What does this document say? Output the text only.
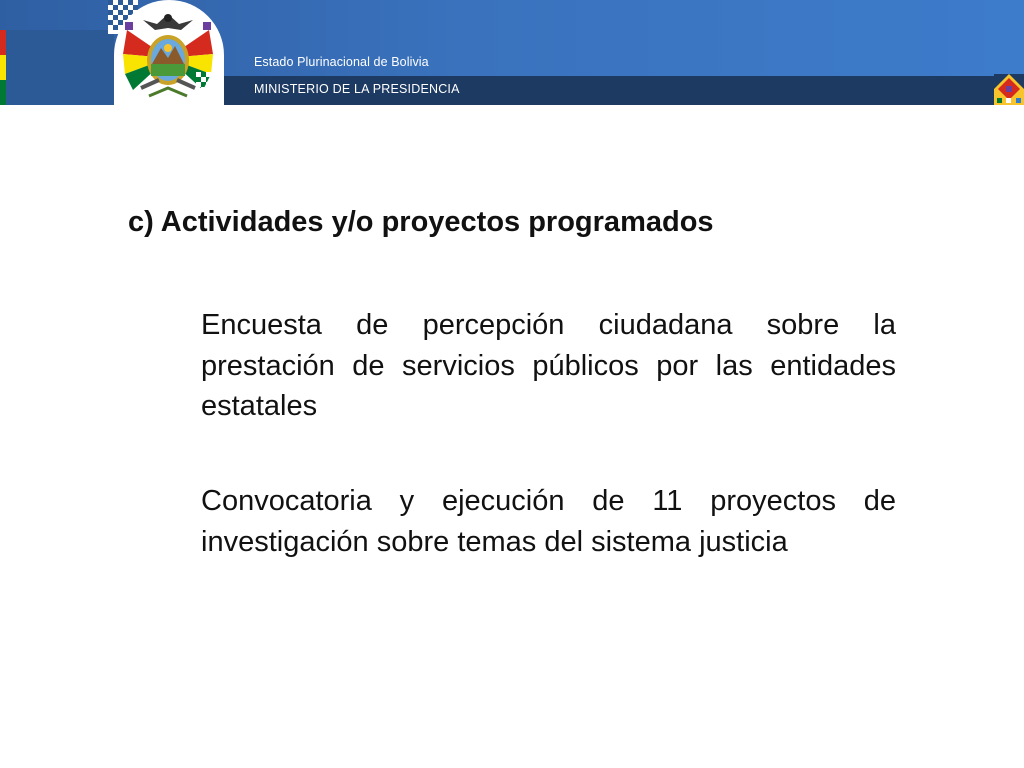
Estado Plurinacional de Bolivia
MINISTERIO DE LA PRESIDENCIA
c) Actividades y/o proyectos programados

Encuesta de percepción ciudadana sobre la prestación de servicios públicos por las entidades estatales

Convocatoria y ejecución de 11 proyectos de investigación sobre temas del sistema justicia
